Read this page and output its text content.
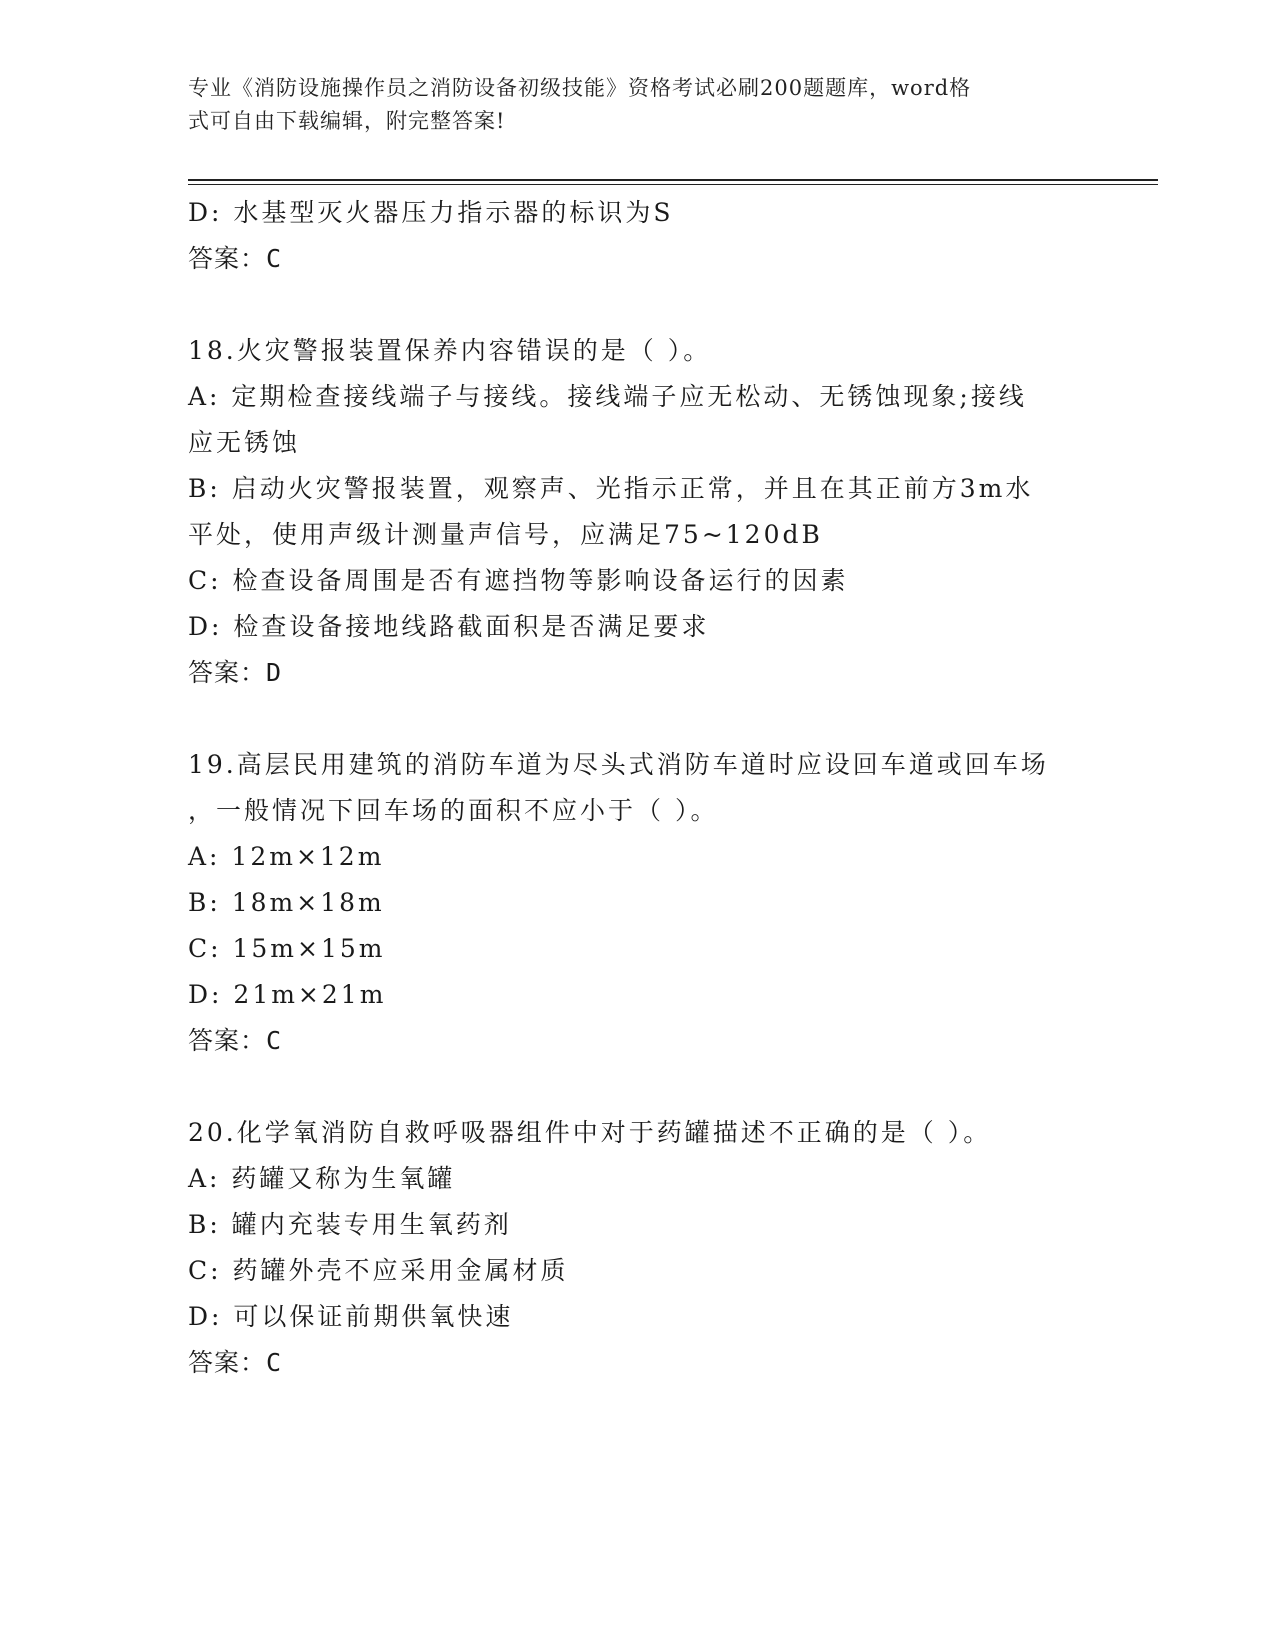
专业《消防设施操作员之消防设备初级技能》资格考试必刷200题题库，word格
式可自由下载编辑，附完整答案!
D: 水基型灭火器压力指示器的标识为S
答案：C
18.火灾警报装置保养内容错误的是（ ）。
A: 定期检查接线端子与接线。接线端子应无松动、无锈蚀现象;接线
应无锈蚀
B: 启动火灾警报装置，观察声、光指示正常，并且在其正前方3m水
平处，使用声级计测量声信号，应满足75~120dB
C: 检查设备周围是否有遮挡物等影响设备运行的因素
D: 检查设备接地线路截面积是否满足要求
答案：D
19.高层民用建筑的消防车道为尽头式消防车道时应设回车道或回车场
，一般情况下回车场的面积不应小于（ ）。
A: 12m×12m
B: 18m×18m
C: 15m×15m
D: 21m×21m
答案：C
20.化学氧消防自救呼吸器组件中对于药罐描述不正确的是（ ）。
A: 药罐又称为生氧罐
B: 罐内充装专用生氧药剂
C: 药罐外壳不应采用金属材质
D: 可以保证前期供氧快速
答案：C
